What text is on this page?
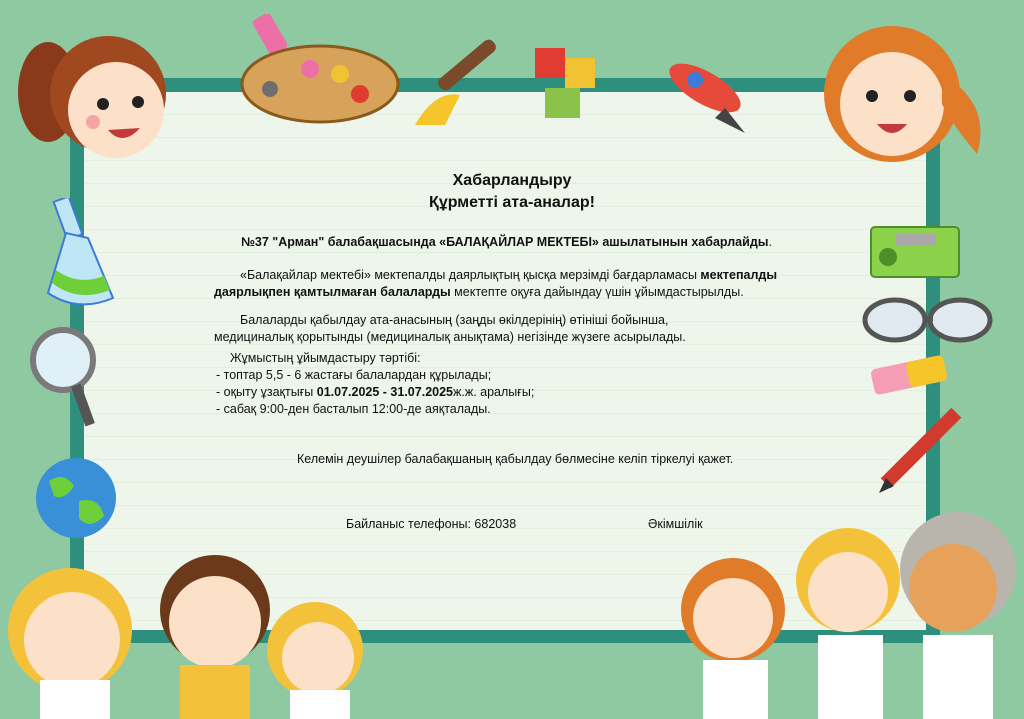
Хабарландыру
Құрметті ата-аналар!
№37 "Арман" балабақшасында «БАЛАҚАЙЛАР МЕКТЕБІ» ашылатынын хабарлайды.
«Балақайлар мектебі» мектепалды даярлықтың қысқа мерзімді бағдарламасы мектепалды
даярлықпен қамтылмаған балаларды мектепте оқуға дайындау үшін ұйымдастырылды.
Балаларды қабылдау ата-анасының (заңды өкілдерінің) өтініші бойынша,
медициналық қорытынды (медициналық анықтама) негізінде жүзеге асырылады.
Жұмыстың ұйымдастыру тәртібі:
- топтар 5,5 - 6 жастағы балалардан құрылады;
- оқыту ұзақтығы 01.07.2025 - 31.07.2025ж.ж. аралығы;
- сабақ 9:00-ден басталып 12:00-де аяқталады.
Келемін деушілер балабақшаның қабылдау бөлмесіне келіп тіркелуі қажет.
Байланыс телефоны: 682038	Әкімшілік
